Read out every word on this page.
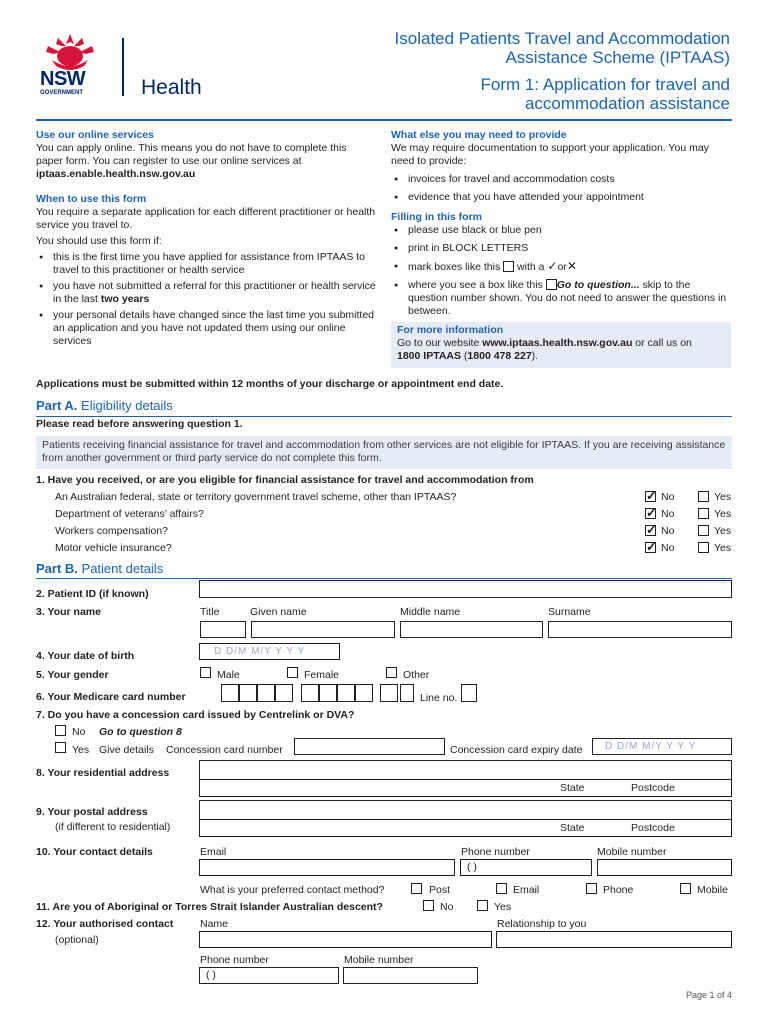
NSW
GOVERNMENT	Health
Isolated Patients Travel and Accommodation
Assistance Scheme (IPTAAS)
Form 1: Application for travel and
accommodation assistance
Use our online services
You can apply online. This means you do not have to complete this paper form. You can register to use our online services at
iptaas.enable.health.nsw.gov.au
When to use this form
You require a separate application for each different practitioner or health service you travel to.
You should use this form if:
● this is the first time you have applied for assistance from IPTAAS to travel to this practitioner or health service
● you have not submitted a referral for this practitioner or health service in the last two years
● your personal details have changed since the last time you submitted an application and you have not updated them using our online services
What else you may need to provide
We may require documentation to support your application. You may need to provide:
● invoices for travel and accommodation costs
● evidence that you have attended your appointment
Filling in this form
● please use black or blue pen
● print in BLOCK LETTERS
● mark boxes like this with a ✓or✕
● where you see a box like this Go to question... skip to the question number shown. You do not need to answer the questions in between.
For more information
Go to our website www.iptaas.health.nsw.gov.au or call us on
1800 IPTAAS (1800 478 227).
Applications must be submitted within 12 months of your discharge or appointment end date.
Part A. Eligibility details
Please read before answering question 1.
Patients receiving financial assistance for travel and accommodation from other services are not eligible for IPTAAS. If you are receiving assistance from another government or third party service do not complete this form.
1. Have you received, or are you eligible for financial assistance for travel and accommodation from
An Australian federal, state or territory government travel scheme, other than IPTAAS? ✓	No	Yes
Department of veterans’ affairs? ✓	No	Yes
Workers compensation? ✓	No	Yes
Motor vehicle insurance? ✓	No	Yes
Part B. Patient details
2. Patient ID (if known)
3. Your name	Title	Given name	Middle name	Surname
4. Your date of birth	D D/M M/Y Y Y Y
5. Your gender	Male	Female	Other
6. Your Medicare card number	Line no.
7. Do you have a concession card issued by Centrelink or DVA?
No Go to question 8
Yes Give details Concession card number	Concession card expiry date D D/M M/Y Y Y Y
8. Your residential address
State	Postcode
9. Your postal address
(if different to residential)	State	Postcode
10. Your contact details	Email	Phone number	Mobile number
( )
What is your preferred contact method?	Post	Email	Phone	Mobile
11. Are you of Aboriginal or Torres Strait Islander Australian descent?	No	Yes
12. Your authorised contact
(optional)
Name	Relationship to you
Phone number	Mobile number
( )
Page 1 of 4
